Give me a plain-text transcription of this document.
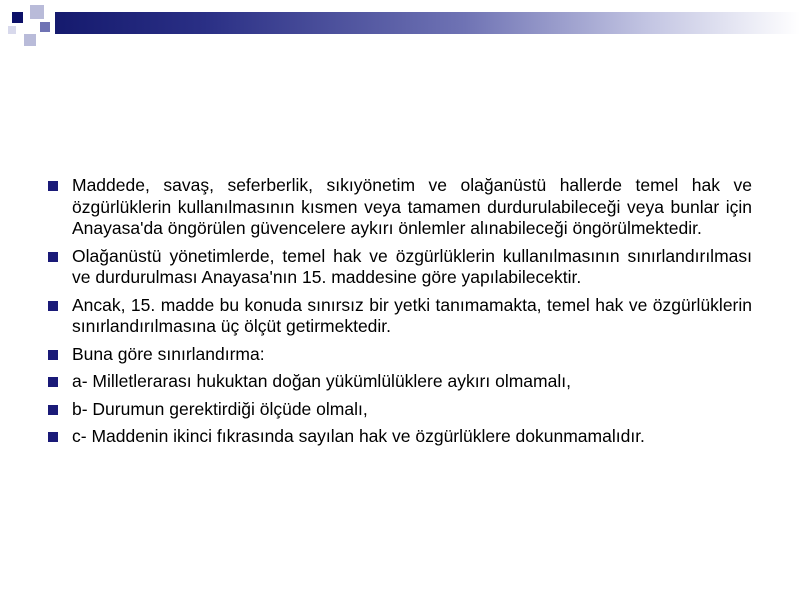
Maddede, savaş, seferberlik, sıkıyönetim ve olağanüstü hallerde temel hak ve özgürlüklerin kullanılmasının kısmen veya tamamen durdurulabileceği veya bunlar için Anayasa'da öngörülen güvencelere aykırı önlemler alınabileceği öngörülmektedir.
Olağanüstü yönetimlerde, temel hak ve özgürlüklerin kullanılmasının sınırlandırılması ve durdurulması Anayasa'nın 15. maddesine göre yapılabilecektir.
Ancak, 15. madde bu konuda sınırsız bir yetki tanımamakta, temel hak ve özgürlüklerin sınırlandırılmasına üç ölçüt getirmektedir.
Buna göre sınırlandırma:
a- Milletlerarası hukuktan doğan yükümlülüklere aykırı olmamalı,
b- Durumun gerektirdiği ölçüde olmalı,
c- Maddenin ikinci fıkrasında sayılan hak ve özgürlüklere dokunmamalıdır.
